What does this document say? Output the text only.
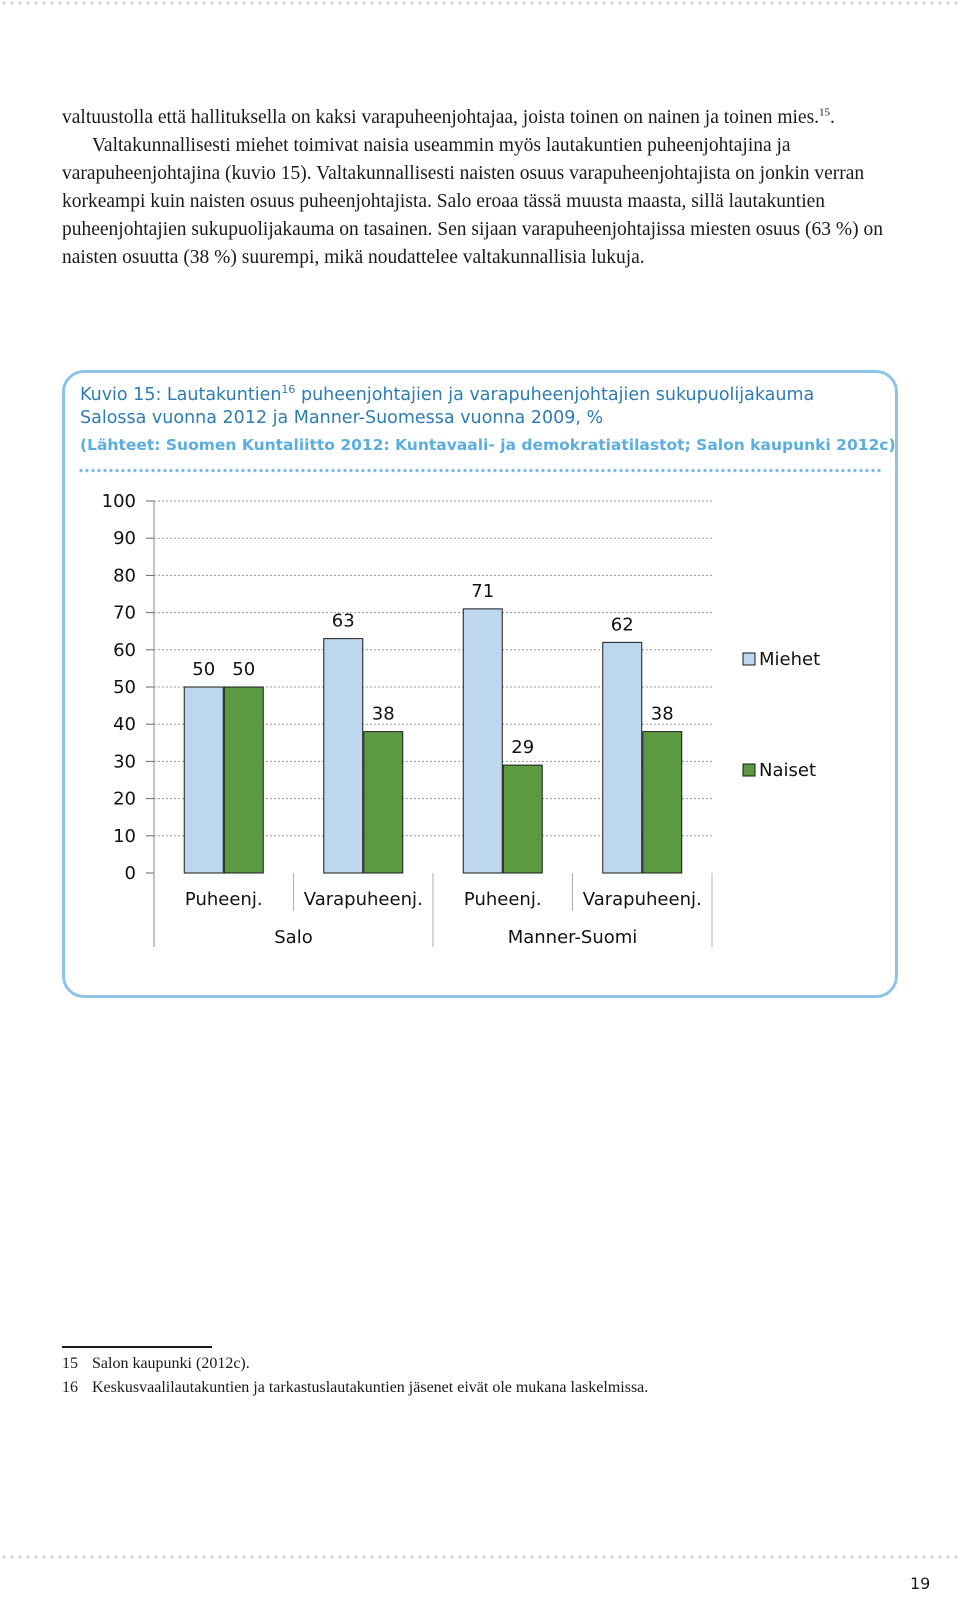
valtuustolla että hallituksella on kaksi varapuheenjohtajaa, joista toinen on nainen ja toinen mies.$^{15}$.

Valtakunnallisesti miehet toimivat naisia useammin myös lautakuntien puheenjohtajina ja varapuheenjohtajina (kuvio 15). Valtakunnallisesti naisten osuus varapuheenjohtajista on jonkin verran korkeampi kuin naisten osuus puheenjohtajista. Salo eroaa tässä muusta maasta, sillä lautakuntien puheenjohtajien sukupuolijakauma on tasainen. Sen sijaan varapuheenjohtajissa miesten osuus (63 %) on naisten osuutta (38 %) suurempi, mikä noudattelee valtakunnallisia lukuja.

Kuvio 15: Lautakuntien$^{16}$ puheenjohtajien ja varapuheenjohtajien sukupuolijakauma
Salossa vuonna 2012 ja Manner-Suomessa vuonna 2009, %
(Lähteet: Suomen Kuntaliitto 2012: Kuntavaali- ja demokratiatilastot; Salon kaupunki 2012c)
0
10
20
30
40
50
60
70
80
90
100
50 50
Puheenj.
63
38
Varapuheenj.
71
29
Puheenj.
62
38
Varapuheenj.
Salo	Manner-Suomi
Miehet
Naiset
15 Salon kaupunki (2012c).
16 Keskusvaalilautakuntien ja tarkastuslautakuntien jäsenet eivät ole mukana laskelmissa.
19
